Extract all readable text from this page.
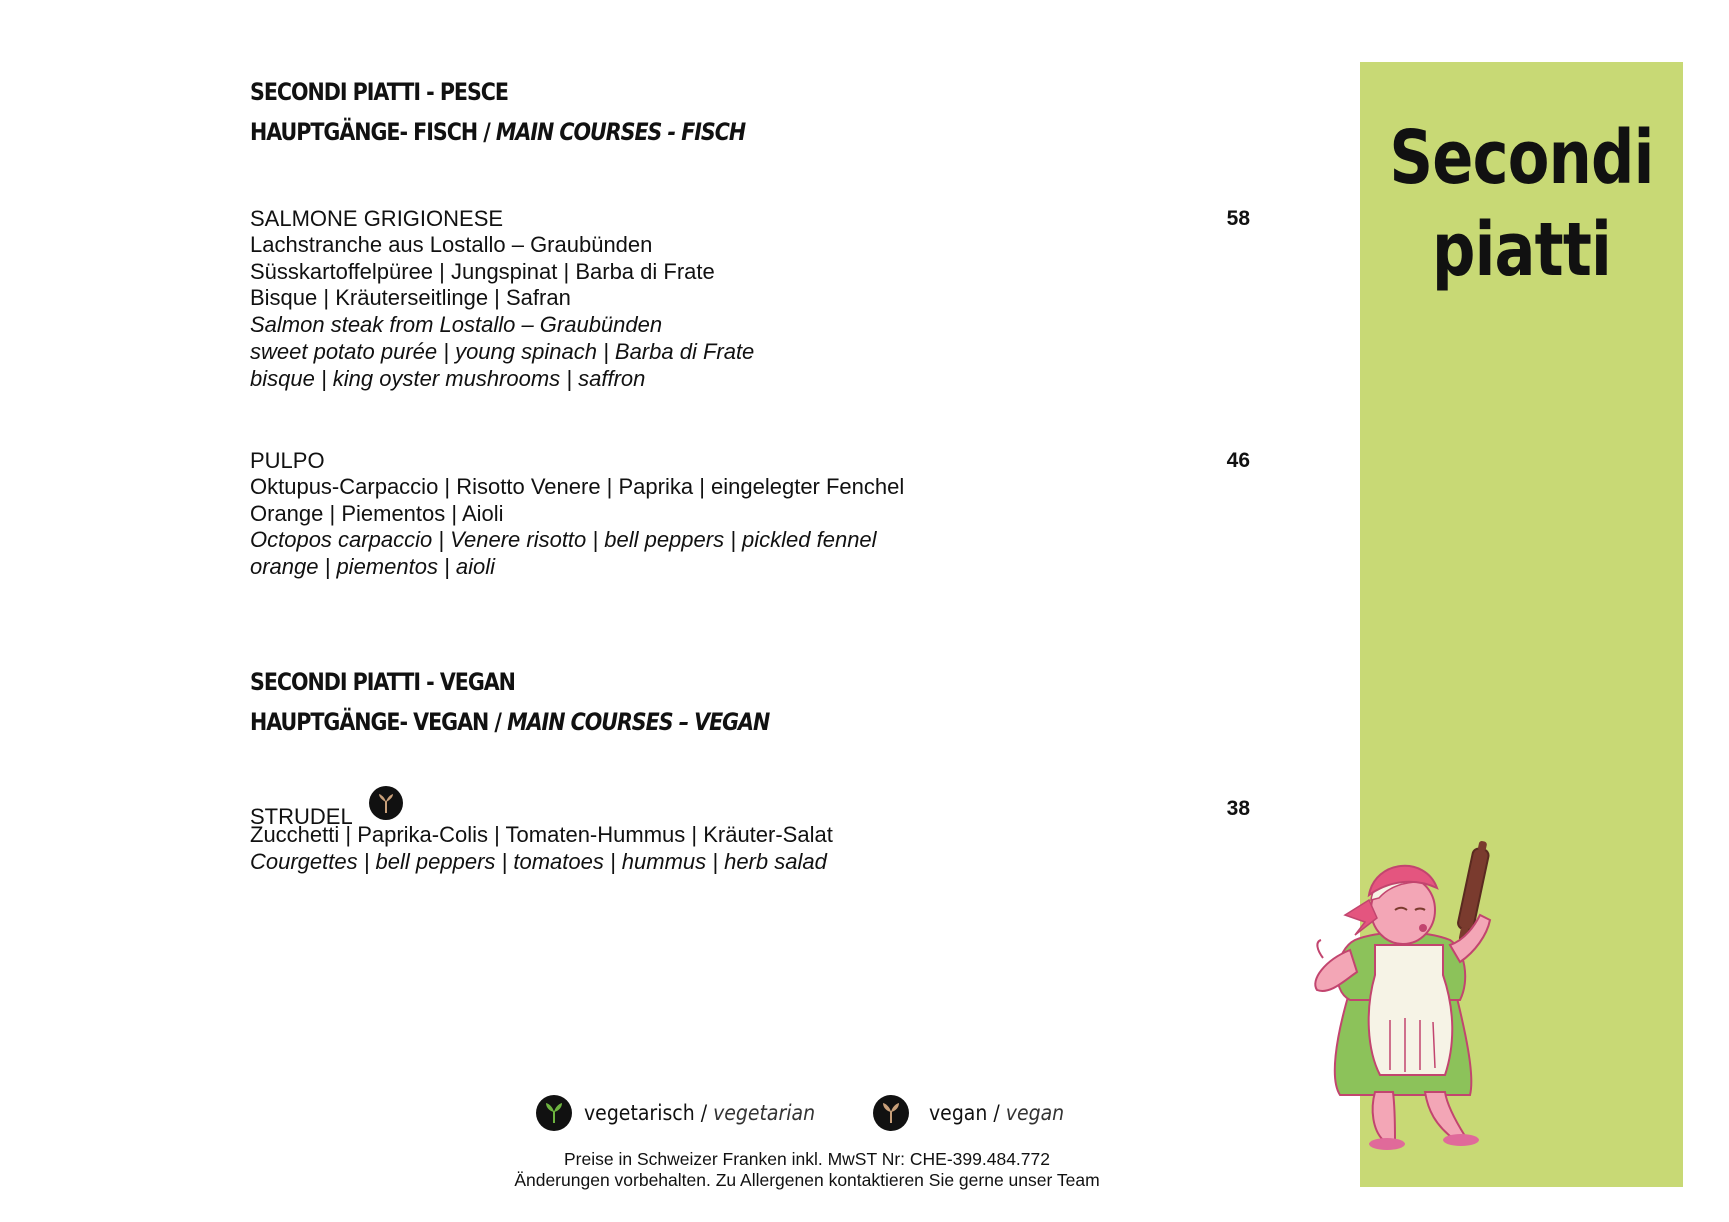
SECONDI PIATTI - PESCE
HAUPTGÄNGE- FISCH / MAIN COURSES - FISCH
SALMONE GRIGIONESE	58
Lachstranche aus Lostallo – Graubünden
Süsskartoffelpüree | Jungspinat | Barba di Frate
Bisque | Kräuterseitlinge | Safran
Salmon steak from Lostallo – Graubünden
sweet potato purée | young spinach | Barba di Frate
bisque | king oyster mushrooms | saffron
PULPO	46
Oktupus-Carpaccio | Risotto Venere | Paprika | eingelegter Fenchel
Orange | Piementos | Aioli
Octopos carpaccio | Venere risotto | bell peppers | pickled fennel
orange | piementos | aioli
SECONDI PIATTI - VEGAN
HAUPTGÄNGE- VEGAN / MAIN COURSES – VEGAN
STRUDEL	38
Zucchetti | Paprika-Colis | Tomaten-Hummus | Kräuter-Salat
Courgettes | bell peppers | tomatoes | hummus | herb salad
Secondi
piatti
vegetarisch / vegetarian	vegan / vegan
Preise in Schweizer Franken inkl. MwST Nr: CHE-399.484.772
Änderungen vorbehalten. Zu Allergenen kontaktieren Sie gerne unser Team
